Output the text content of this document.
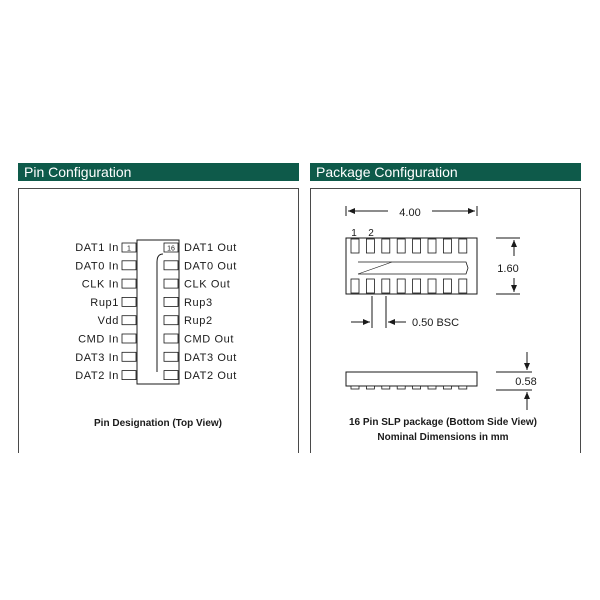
Pin Configuration	Package Configuration
1	16
DAT1 In
DAT0 In
CLK In
Rup1
Vdd
CMD In
DAT3 In
DAT2 In
DAT1 Out
DAT0 Out
CLK Out
Rup3
Rup2
CMD Out
DAT3 Out
DAT2 Out
Pin Designation (Top View)
4.00
1 2
1.60
0.50 BSC
0.58
16 Pin SLP package (Bottom Side View)
Nominal Dimensions in mm
